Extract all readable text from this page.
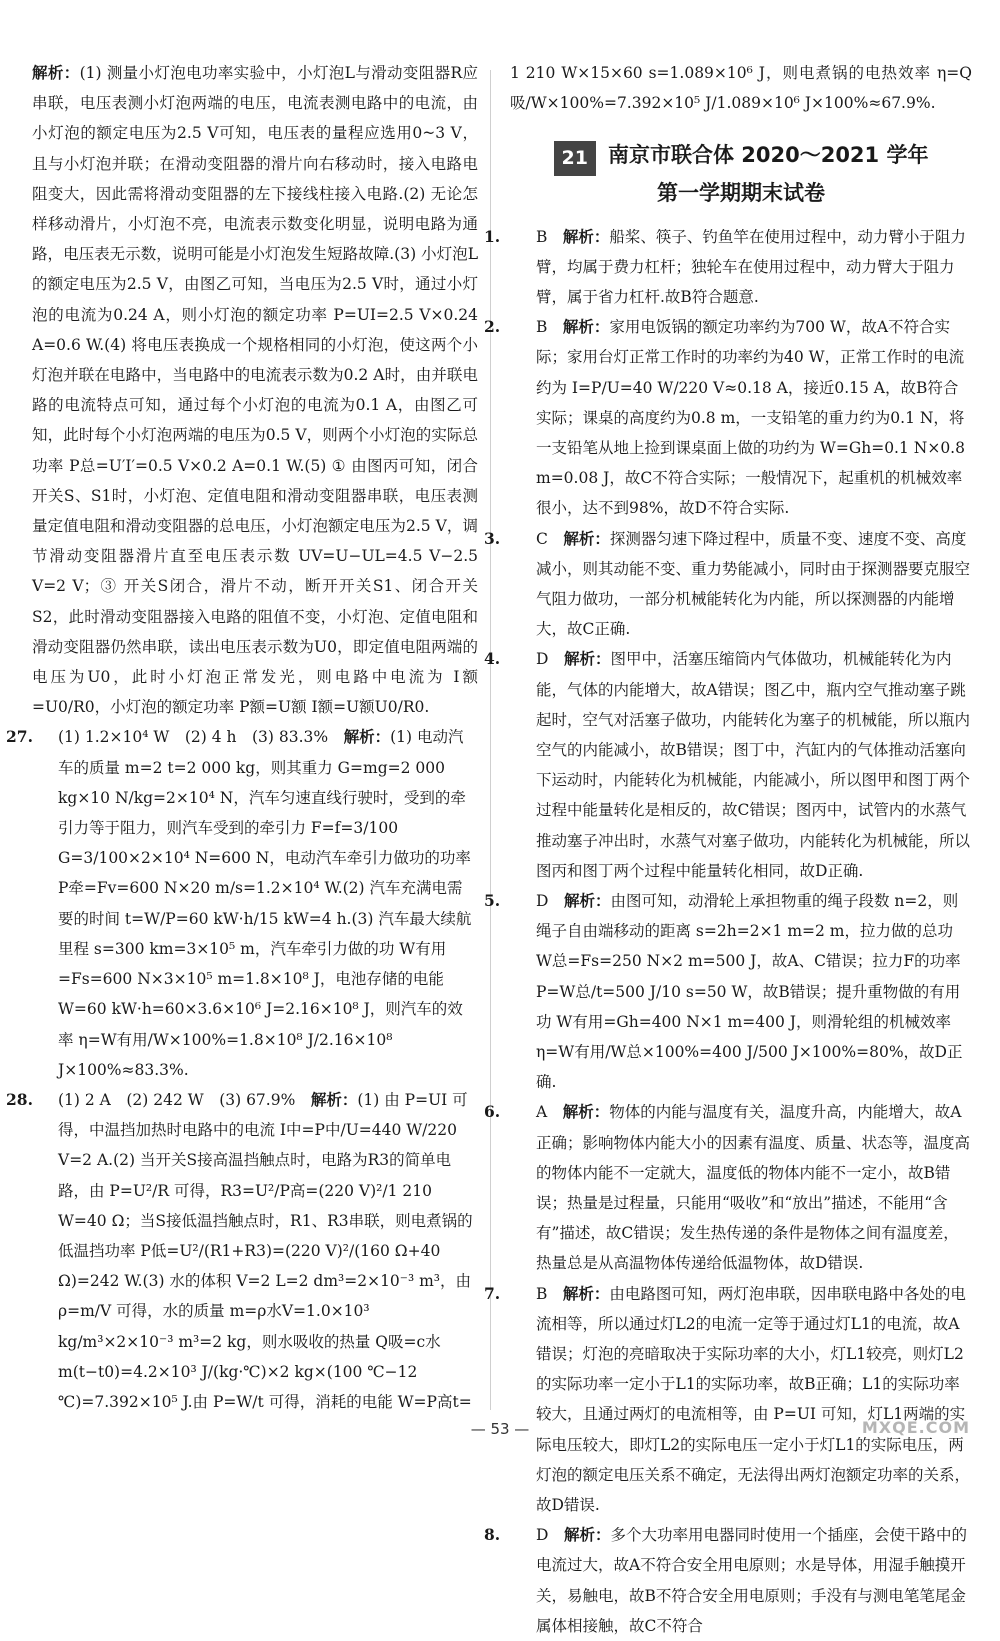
解析：(1) 测量小灯泡电功率实验中，小灯泡L与滑动变阻器R应串联，电压表测小灯泡两端的电压，电流表测电路中的电流，由小灯泡的额定电压为2.5 V可知，电压表的量程应选用0~3 V，且与小灯泡并联；在滑动变阻器的滑片向右移动时，接入电路电阻变大，因此需将滑动变阻器的左下接线柱接入电路.(2) 无论怎样移动滑片，小灯泡不亮，电流表示数变化明显，说明电路为通路，电压表无示数，说明可能是小灯泡发生短路故障.(3) 小灯泡L的额定电压为2.5 V，由图乙可知，当电压为2.5 V时，通过小灯泡的电流为0.24 A，则小灯泡的额定功率 P=UI=2.5 V×0.24 A=0.6 W.(4) 将电压表换成一个规格相同的小灯泡，使这两个小灯泡并联在电路中，当电路中的电流表示数为0.2 A时，由并联电路的电流特点可知，通过每个小灯泡的电流为0.1 A，由图乙可知，此时每个小灯泡两端的电压为0.5 V，则两个小灯泡的实际总功率 P总=U′I′=0.5 V×0.2 A=0.1 W.(5) ① 由图丙可知，闭合开关S、S1时，小灯泡、定值电阻和滑动变阻器串联，电压表测量定值电阻和滑动变阻器的总电压，小灯泡额定电压为2.5 V，调节滑动变阻器滑片直至电压表示数 UV=U−UL=4.5 V−2.5 V=2 V；③ 开关S闭合，滑片不动，断开开关S1、闭合开关S2，此时滑动变阻器接入电路的阻值不变，小灯泡、定值电阻和滑动变阻器仍然串联，读出电压表示数为U0，即定值电阻两端的电压为U0，此时小灯泡正常发光，则电路中电流为 I额=U0/R0，小灯泡的额定功率 P额=U额 I额=U额U0/R0.

27. (1) 1.2×10⁴ W　(2) 4 h　(3) 83.3%　解析：(1) 电动汽车的质量 m=2 t=2 000 kg，则其重力 G=mg=2 000 kg×10 N/kg=2×10⁴ N，汽车匀速直线行驶时，受到的牵引力等于阻力，则汽车受到的牵引力 F=f=3/100 G=3/100×2×10⁴ N=600 N，电动汽车牵引力做功的功率 P牵=Fv=600 N×20 m/s=1.2×10⁴ W.(2) 汽车充满电需要的时间 t=W/P=60 kW·h/15 kW=4 h.(3) 汽车最大续航里程 s=300 km=3×10⁵ m，汽车牵引力做的功 W有用=Fs=600 N×3×10⁵ m=1.8×10⁸ J，电池存储的电能 W=60 kW·h=60×3.6×10⁶ J=2.16×10⁸ J，则汽车的效率 η=W有用/W×100%=1.8×10⁸ J/2.16×10⁸ J×100%≈83.3%.

28. (1) 2 A　(2) 242 W　(3) 67.9%　解析：(1) 由 P=UI 可得，中温挡加热时电路中的电流 I中=P中/U=440 W/220 V=2 A.(2) 当开关S接高温挡触点时，电路为R3的简单电路，由 P=U²/R 可得，R3=U²/P高=(220 V)²/1 210 W=40 Ω；当S接低温挡触点时，R1、R3串联，则电煮锅的低温挡功率 P低=U²/(R1+R3)=(220 V)²/(160 Ω+40 Ω)=242 W.(3) 水的体积 V=2 L=2 dm³=2×10⁻³ m³，由 ρ=m/V 可得，水的质量 m=ρ水V=1.0×10³ kg/m³×2×10⁻³ m³=2 kg，则水吸收的热量 Q吸=c水m(t−t0)=4.2×10³ J/(kg·℃)×2 kg×(100 ℃−12 ℃)=7.392×10⁵ J.由 P=W/t 可得，消耗的电能 W=P高t=

1 210 W×15×60 s=1.089×10⁶ J，则电煮锅的电热效率 η=Q吸/W×100%=7.392×10⁵ J/1.089×10⁶ J×100%≈67.9%.

21 南京市联合体 2020～2021 学年
第一学期期末试卷

1. B　解析：船桨、筷子、钓鱼竿在使用过程中，动力臂小于阻力臂，均属于费力杠杆；独轮车在使用过程中，动力臂大于阻力臂，属于省力杠杆.故B符合题意.

2. B　解析：家用电饭锅的额定功率约为700 W，故A不符合实际；家用台灯正常工作时的功率约为40 W，正常工作时的电流约为 I=P/U=40 W/220 V≈0.18 A，接近0.15 A，故B符合实际；课桌的高度约为0.8 m，一支铅笔的重力约为0.1 N，将一支铅笔从地上捡到课桌面上做的功约为 W=Gh=0.1 N×0.8 m=0.08 J，故C不符合实际；一般情况下，起重机的机械效率很小，达不到98%，故D不符合实际.

3. C　解析：探测器匀速下降过程中，质量不变、速度不变、高度减小，则其动能不变、重力势能减小，同时由于探测器要克服空气阻力做功，一部分机械能转化为内能，所以探测器的内能增大，故C正确.

4. D　解析：图甲中，活塞压缩筒内气体做功，机械能转化为内能，气体的内能增大，故A错误；图乙中，瓶内空气推动塞子跳起时，空气对活塞子做功，内能转化为塞子的机械能，所以瓶内空气的内能减小，故B错误；图丁中，汽缸内的气体推动活塞向下运动时，内能转化为机械能，内能减小，所以图甲和图丁两个过程中能量转化是相反的，故C错误；图丙中，试管内的水蒸气推动塞子冲出时，水蒸气对塞子做功，内能转化为机械能，所以图丙和图丁两个过程中能量转化相同，故D正确.

5. D　解析：由图可知，动滑轮上承担物重的绳子段数 n=2，则绳子自由端移动的距离 s=2h=2×1 m=2 m，拉力做的总功 W总=Fs=250 N×2 m=500 J，故A、C错误；拉力F的功率 P=W总/t=500 J/10 s=50 W，故B错误；提升重物做的有用功 W有用=Gh=400 N×1 m=400 J，则滑轮组的机械效率 η=W有用/W总×100%=400 J/500 J×100%=80%，故D正确.

6. A　解析：物体的内能与温度有关，温度升高，内能增大，故A正确；影响物体内能大小的因素有温度、质量、状态等，温度高的物体内能不一定就大，温度低的物体内能不一定小，故B错误；热量是过程量，只能用“吸收”和“放出”描述，不能用“含有”描述，故C错误；发生热传递的条件是物体之间有温度差，热量总是从高温物体传递给低温物体，故D错误.

7. B　解析：由电路图可知，两灯泡串联，因串联电路中各处的电流相等，所以通过灯L2的电流一定等于通过灯L1的电流，故A错误；灯泡的亮暗取决于实际功率的大小，灯L1较亮，则灯L2的实际功率一定小于L1的实际功率，故B正确；L1的实际功率较大，且通过两灯的电流相等，由 P=UI 可知，灯L1两端的实际电压较大，即灯L2的实际电压一定小于灯L1的实际电压，两灯泡的额定电压关系不确定，无法得出两灯泡额定功率的关系，故D错误.

8. D　解析：多个大功率用电器同时使用一个插座，会使干路中的电流过大，故A不符合安全用电原则；水是导体，用湿手触摸开关，易触电，故B不符合安全用电原则；手没有与测电笔笔尾金属体相接触，故C不符合

— 53 —	MXQE.COM
